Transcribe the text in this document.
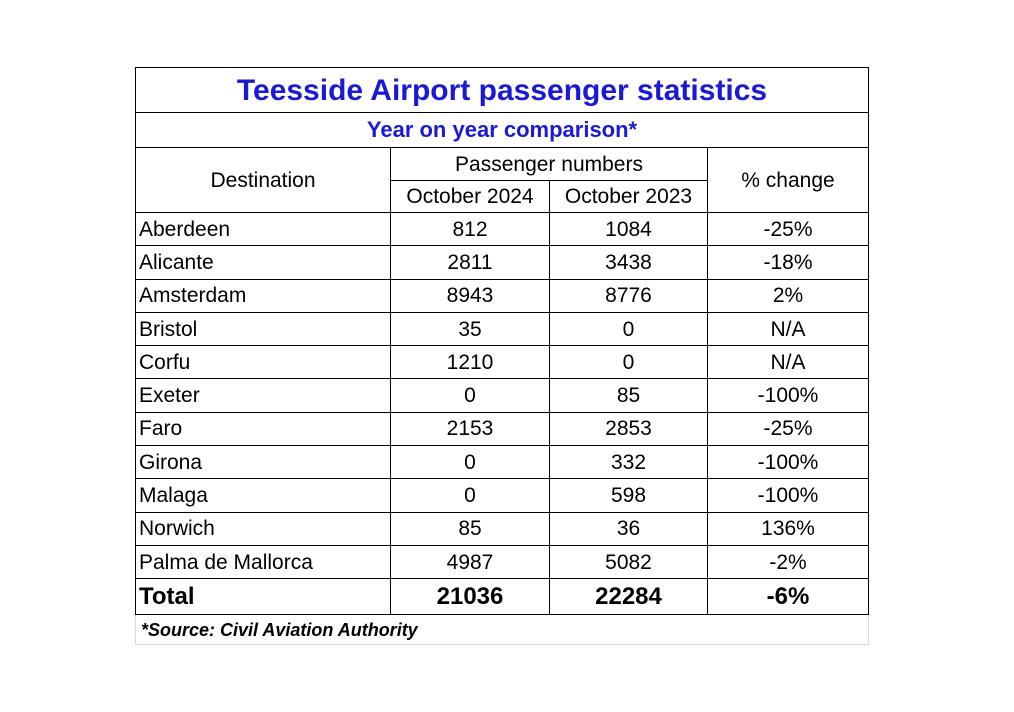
Teesside Airport passenger statistics			
Year on year comparison*			
Destination	Passenger numbers		% change
	October 2024	October 2023	
Aberdeen	812	1084	-25%
Alicante	2811	3438	-18%
Amsterdam	8943	8776	2%
Bristol	35	0	N/A
Corfu	1210	0	N/A
Exeter	0	85	-100%
Faro	2153	2853	-25%
Girona	0	332	-100%
Malaga	0	598	-100%
Norwich	85	36	136%
Palma de Mallorca	4987	5082	-2%
Total	21036	22284	-6%
*Source: Civil Aviation Authority			
